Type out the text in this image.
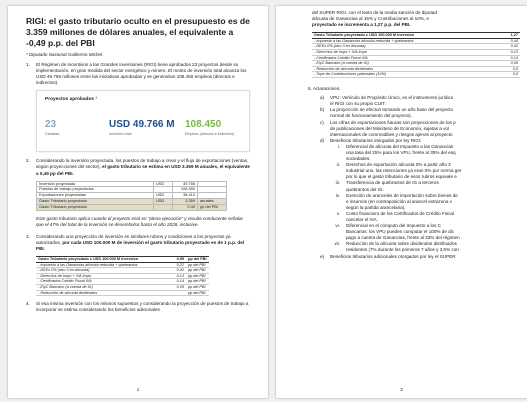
RIGI: el gasto tributario oculto en el presupuesto es de 3.359 millones de dólares anuales, el equivalente a -0,49 p.p. del PBI

* Diputado Nacional Guillermo Michel.

1.	El Régimen de Incentivos a las Grandes Inversiones (RIGI) tiene aprobados 23 proyectos desde su implementación, en gran medida del sector energético y minero. El monto de inversión total alcanza los USD 49.765 millones entre las iniciativas aprobadas y se generarían 108.450 empleos (directos e indirectos).

Proyectos aprobados ¹
23
Cantidad
USD 49.766 M
Inversión total
108.450
Empleos (directos e indirectos)
2.	Considerando la inversión proyectada, los puestos de trabajo a crear y el flujo de exportaciones (ventas, según proyecciones del sector), el gasto tributario se estima en USD 3.359 M anuales, el equivalente a 0,49 pp del PBI.

Inversión proyectada	USD	49.766	
Puestos de trabajo proyectados		108.450	
Exportaciones proyectadas	USD	38.410	
Gasto Tributario proyectado	USD	3.359	anuales
Gasto Tributario proyectado		0,49	pp del PBI

Este gasto tributario aplica cuando el proyecto está en "plena ejecución" y resulta conducente señalar que el 47% del total de la inversión se desembolsa hasta el año 2028, inclusive.

3.	Considerando una proyección de inversión en similares rubros y condiciones a los proyectos ya autorizados, por cada USD 100.000 M de inversión el gasto tributario proyectado es de 1 p.p. del PBI.

Gasto Tributario proyectado c USD 100.000 M inversión	0,99	pp del PBI
- Impuesto a las Ganancias alícuota reducida + quebrantos	0,22	pp del PBI
- DEEx 0% (otro 3 en alícuota)	0,42	pp del PBI
- Derechos de Impo + IVA Impo	0,13	pp del PBI
- Certificados Crédito Fiscal IVA	0,14	pp del PBI
- ElyC Bancario (a cuenta de IG)	0,09	pp del PBI
- Reducción de alícuota dividendos		pp del PBI
4.	Si esa misma inversión con los mismos supuestos y considerando la proyección de puestos de trabajo a incorporar se estima considerando los beneficios adicionales

1

del SUPER RIGI, con el texto de la media sanción de diputad

alícuota de Ganancias al 15% y Contribuciones al 10%, e

proyectado se incrementa a 1,27 p.p. del PBI.

Gasto Tributario proyectado c USD 100.000 M inversión	1,27
- Impuesto a las Ganancias alícuota reducida + quebrantos	0,44
- DEEx 0% (otro 3 en alícuota)	0,42
- Derechos de Impo + IVA Impo	0,13
- Certificados Crédito Fiscal IVA	0,14
- ElyC Bancario (a cuenta de IG)	0,09
- Reducción de alícuota dividendos	0,0
- Tope de Contribuciones patronales (10%)	0,0

5. Aclaraciones.

a)	VPU: Vehículo de Propósito Único, es el instrumento jurídico
el RIGI con su propio CUIT.
b)	La proyección se efectuó tomando un año base del proyecto
normal de funcionamiento del proyecto).
c)	Los cifras de exportaciones futuras son proyecciones de los p
de publicaciones del Ministerio de Economía, sujetas a vol
internacionales de commodities y riesgos ajenos al proyecto
d)	Beneficios tributarios otorgados por ley RIGI:
i.	Diferencial de alícuota del Impuesto a las Ganancias
una tasa del 25% para los VPU, frente al 35% del esq
sociedades.
ii.	Derechos de exportación alícuota 0% a partir año 3
industrial uno, las retenciones ya eran 0% por norma ger
por lo que el gasto tributario de esos rubros equivale e
iii.	Transferencia de quebrantos de IG a terceros
quebrantos del IG.
iv.	Exención de aranceles de importación sobre bienes de
e insumos (en contraposición al arancel extrazona v
según la partida arancelaria).
v.	Costo financiero de los Certificados de Crédito Fiscal
cancelar el IVA.
vi.	Diferencial en el cómputo del Impuesto a los C
Bancarios: los VPU pueden computar el 100% de dic
pago a cuenta de Ganancias, frente al 33% del régimen
vii.	Reducción de la alícuota sobre dividendos distribuidos
residentes (7% durante los primeros 7 años y 3,5% con
e)	Beneficios tributarios adicionales otorgados por ley el SUPER
2
